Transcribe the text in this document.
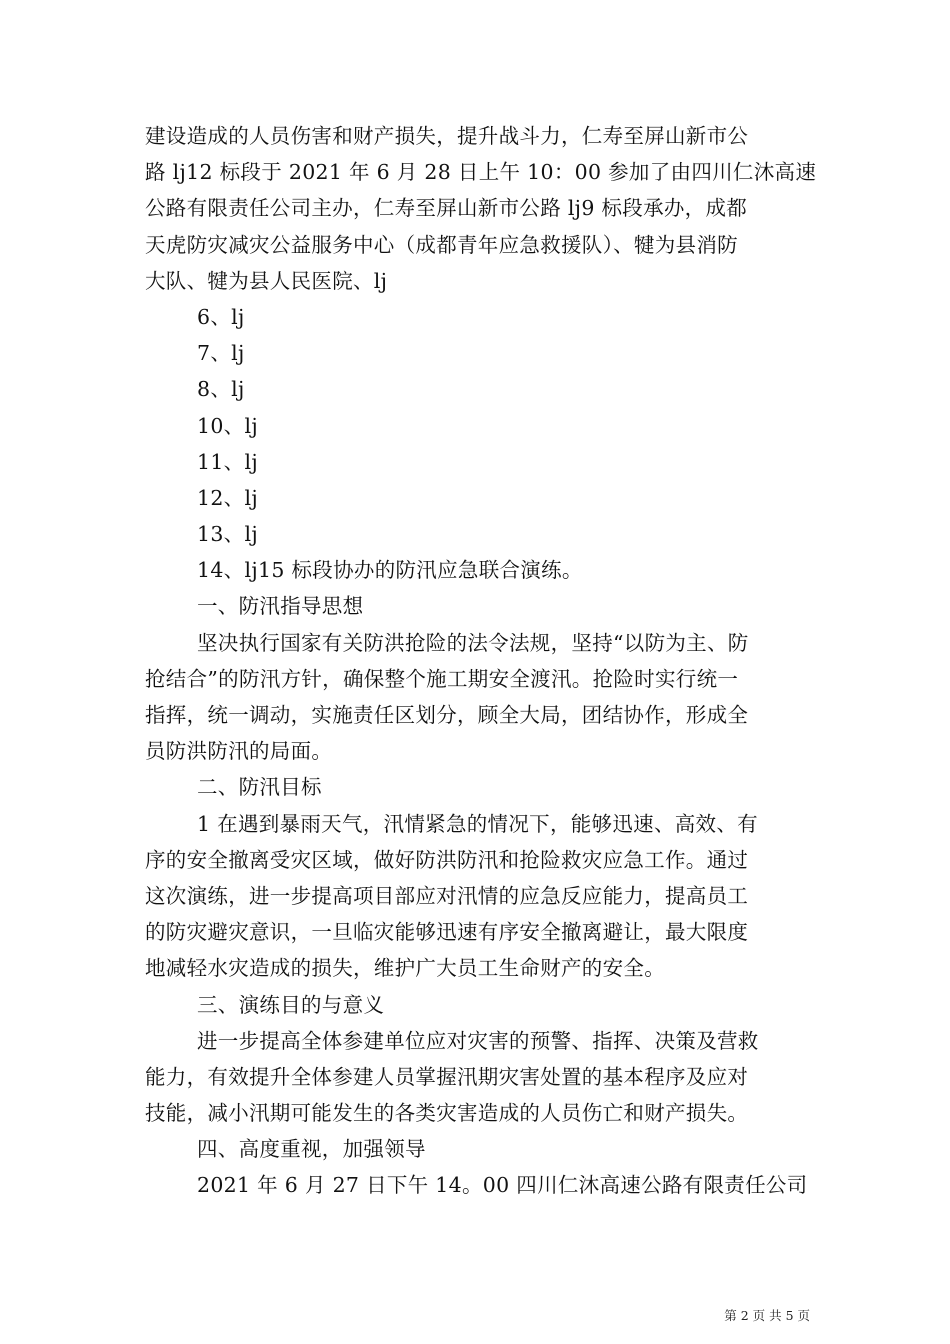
建设造成的人员伤害和财产损失，提升战斗力，仁寿至屏山新市公
路 lj12 标段于 2021 年 6 月 28 日上午 10：00 参加了由四川仁沐高速
公路有限责任公司主办，仁寿至屏山新市公路 lj9 标段承办，成都
天虎防灾减灾公益服务中心（成都青年应急救援队）、犍为县消防
大队、犍为县人民医院、lj
6、lj
7、lj
8、lj
10、lj
11、lj
12、lj
13、lj
14、lj15 标段协办的防汛应急联合演练。
一、防汛指导思想
坚决执行国家有关防洪抢险的法令法规，坚持“以防为主、防
抢结合”的防汛方针，确保整个施工期安全渡汛。抢险时实行统一
指挥，统一调动，实施责任区划分，顾全大局，团结协作，形成全
员防洪防汛的局面。
二、防汛目标
1 在遇到暴雨天气，汛情紧急的情况下，能够迅速、高效、有
序的安全撤离受灾区域，做好防洪防汛和抢险救灾应急工作。通过
这次演练，进一步提高项目部应对汛情的应急反应能力，提高员工
的防灾避灾意识，一旦临灾能够迅速有序安全撤离避让，最大限度
地减轻水灾造成的损失，维护广大员工生命财产的安全。
三、演练目的与意义
进一步提高全体参建单位应对灾害的预警、指挥、决策及营救
能力，有效提升全体参建人员掌握汛期灾害处置的基本程序及应对
技能，减小汛期可能发生的各类灾害造成的人员伤亡和财产损失。
四、高度重视，加强领导
2021 年 6 月 27 日下午 14。00 四川仁沐高速公路有限责任公司
第 2 页 共 5 页
